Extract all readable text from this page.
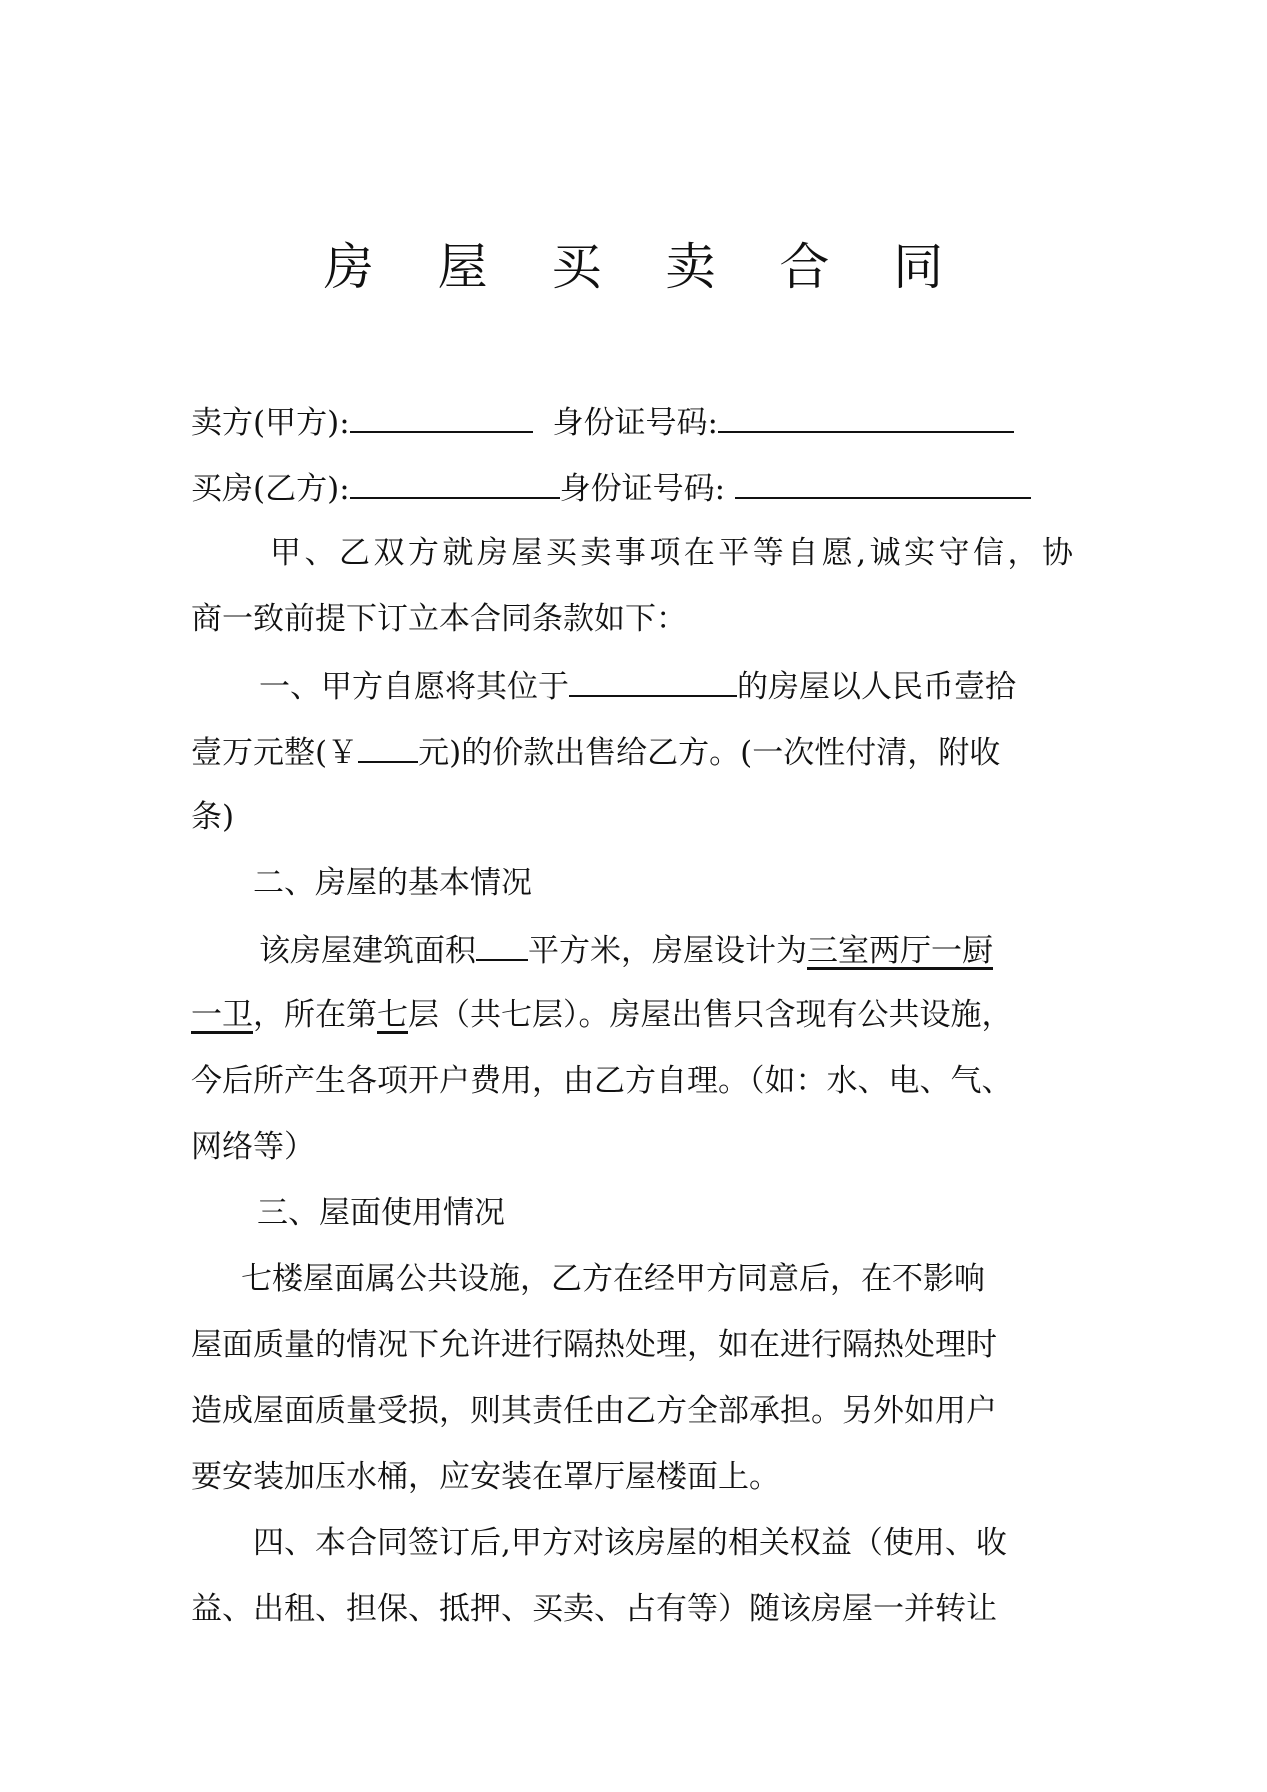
房 屋 买 卖 合 同
卖方(甲方):	身份证号码:
买房(乙方):	身份证号码:
甲、乙双方就房屋买卖事项在平等自愿,诚实守信，协
商一致前提下订立本合同条款如下：
一、甲方自愿将其位于	的房屋以人民币壹拾
壹万元整(￥ 元)的价款出售给乙方。(一次性付清，附收
条)
二、房屋的基本情况
该房屋建筑面积 平方米，房屋设计为三室两厅一厨
一卫，所在第七层（共七层）。房屋出售只含现有公共设施，
今后所产生各项开户费用，由乙方自理。（如：水、电、气、
网络等）
三、屋面使用情况
七楼屋面属公共设施，乙方在经甲方同意后，在不影响
屋面质量的情况下允许进行隔热处理，如在进行隔热处理时
造成屋面质量受损，则其责任由乙方全部承担。另外如用户
要安装加压水桶，应安装在罩厅屋楼面上。
四、本合同签订后,甲方对该房屋的相关权益（使用、收
益、出租、担保、抵押、买卖、占有等）随该房屋一并转让
